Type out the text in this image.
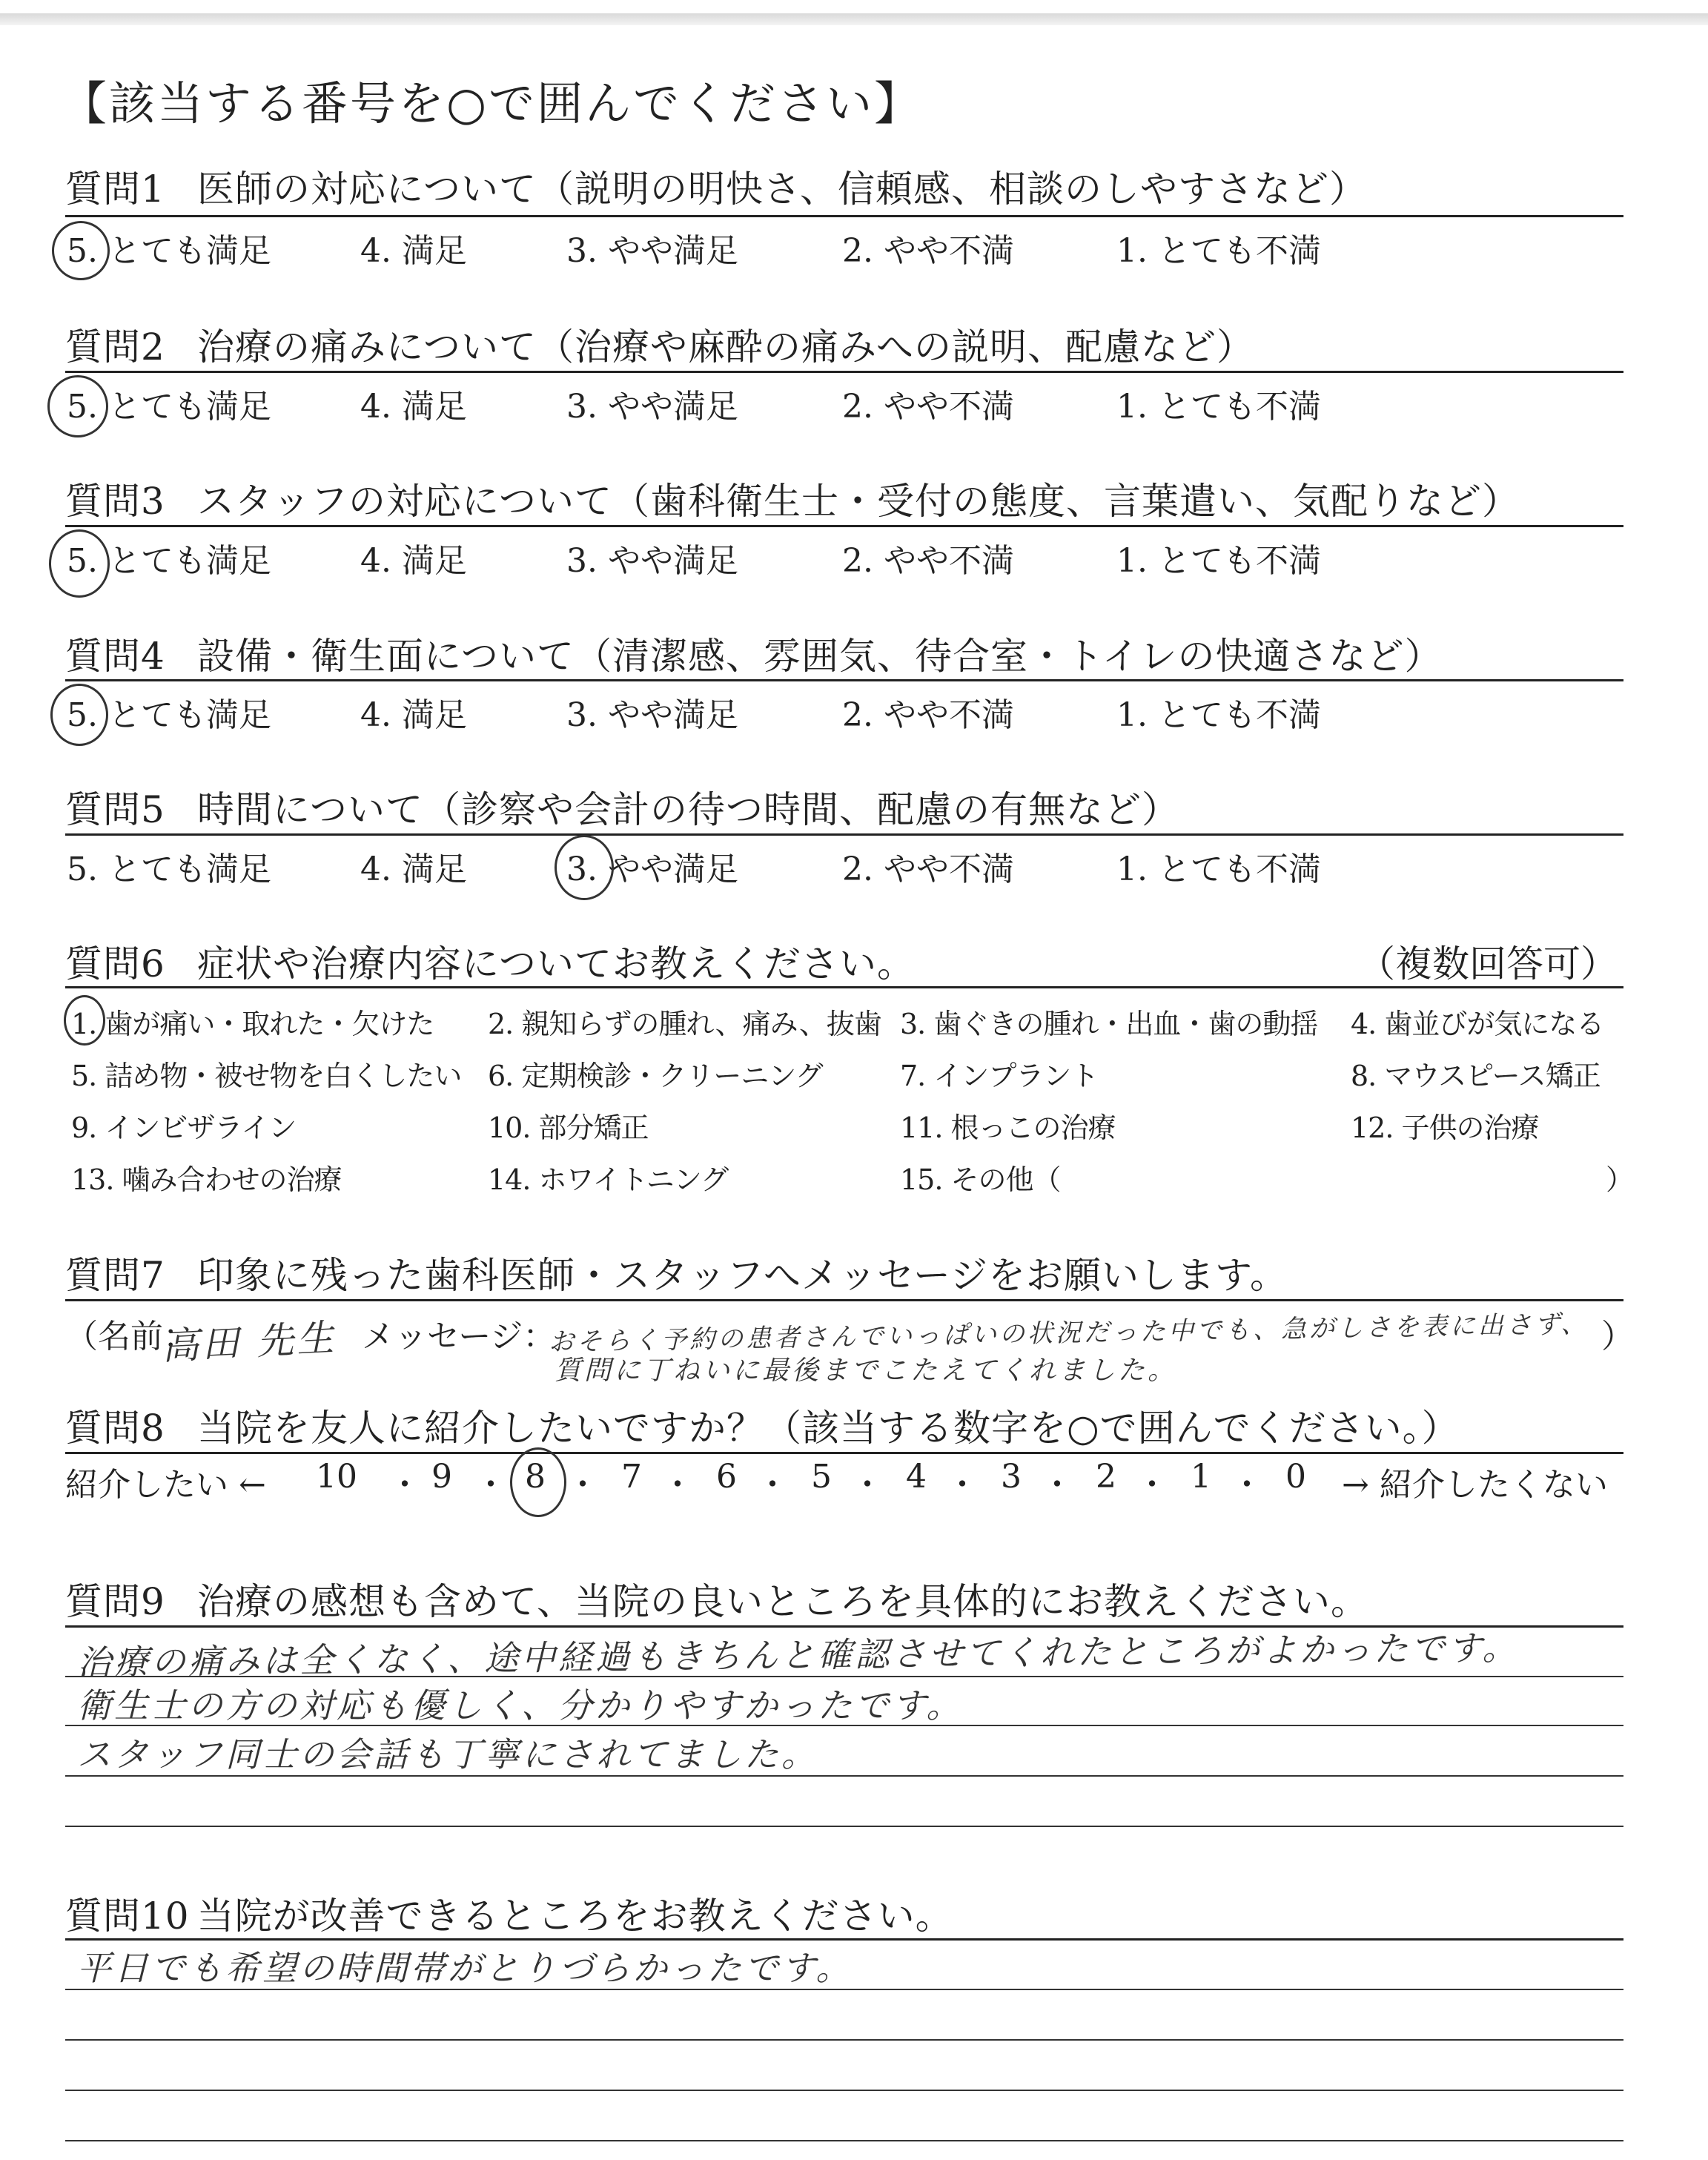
【該当する番号を○で囲んでください】
質問1 医師の対応について（説明の明快さ、信頼感、相談のしやすさなど）
5. とても満足	4. 満足	3. やや満足	2. やや不満	1. とても不満
質問2 治療の痛みについて（治療や麻酔の痛みへの説明、配慮など）
5. とても満足	4. 満足	3. やや満足	2. やや不満	1. とても不満
質問3 スタッフの対応について（歯科衛生士・受付の態度、言葉遣い、気配りなど）
5. とても満足	4. 満足	3. やや満足	2. やや不満	1. とても不満
質問4 設備・衛生面について（清潔感、雰囲気、待合室・トイレの快適さなど）
5. とても満足	4. 満足	3. やや満足	2. やや不満	1. とても不満
質問5 時間について（診察や会計の待つ時間、配慮の有無など）
5. とても満足	4. 満足	3. やや満足	2. やや不満	1. とても不満
質問6 症状や治療内容についてお教えください。	（複数回答可）
1. 歯が痛い・取れた・欠けた 2. 親知らずの腫れ、痛み、抜歯 3. 歯ぐきの腫れ・出血・歯の動揺 4. 歯並びが気になる
5. 詰め物・被せ物を白くしたい 6. 定期検診・クリーニング	7. インプラント	8. マウスピース矯正
9. インビザライン	10. 部分矯正	11. 根っこの治療	12. 子供の治療
13. 噛み合わせの治療	14. ホワイトニング	15. その他（	）
質問7 印象に残った歯科医師・スタッフへメッセージをお願いします。
（名前：
高田 先生 メッセージ：
おそらく予約の患者さんでいっぱいの状況だった中でも、急がしさを表に出さず、
質問に丁ねいに最後までこたえてくれました。
）
質問8 当院を友人に紹介したいですか？（該当する数字を○で囲んでください。）
紹介したい ← 10 ・ 9 ・ 8 ・ 7 ・ 6 ・ 5 ・ 4 ・ 3 ・ 2 ・ 1 ・ 0	→ 紹介したくない
質問9 治療の感想も含めて、当院の良いところを具体的にお教えください。
治療の痛みは全くなく、途中経過もきちんと確認させてくれたところがよかったです。
衛生士の方の対応も優しく、分かりやすかったです。
スタッフ同士の会話も丁寧にされてました。
質問10 当院が改善できるところをお教えください。
平日でも希望の時間帯がとりづらかったです。
